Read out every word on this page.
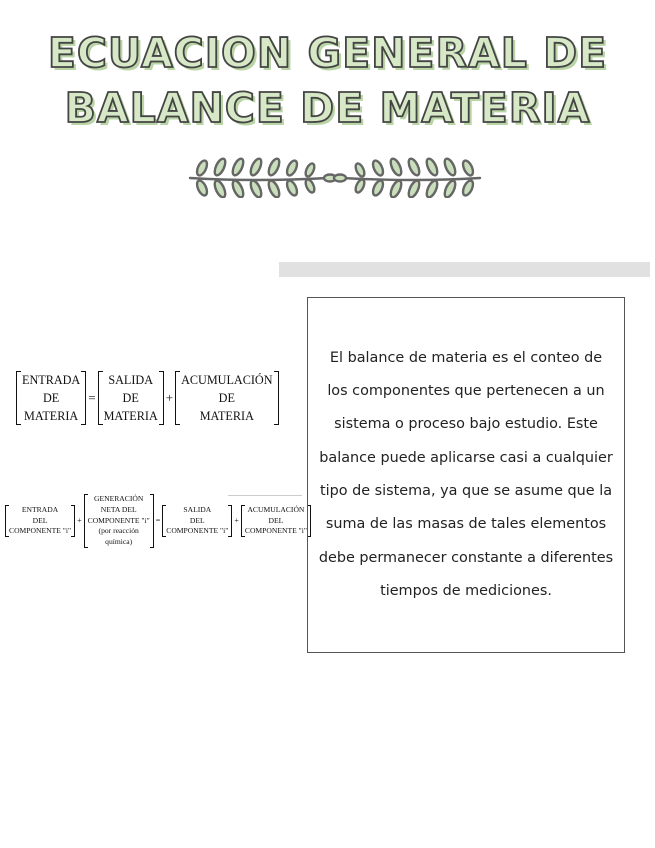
ECUACION GENERAL DE
BALANCE DE MATERIA
ENTRADA
DE
MATERIA
=
SALIDA
DE
MATERIA
+
ACUMULACIÓN
DE
MATERIA
ENTRADA
DEL
COMPONENTE "i"
+
GENERACIÓN
NETA DEL
COMPONENTE "i"
(por reacción
química)
=
SALIDA
DEL
COMPONENTE "i"
+
ACUMULACIÓN
DEL
COMPONENTE "i"

El balance de materia es el conteo de los componentes que pertenecen a un sistema o proceso bajo estudio. Este balance puede aplicarse casi a cualquier tipo de sistema, ya que se asume que la suma de las masas de tales elementos debe permanecer constante a diferentes tiempos de mediciones.
